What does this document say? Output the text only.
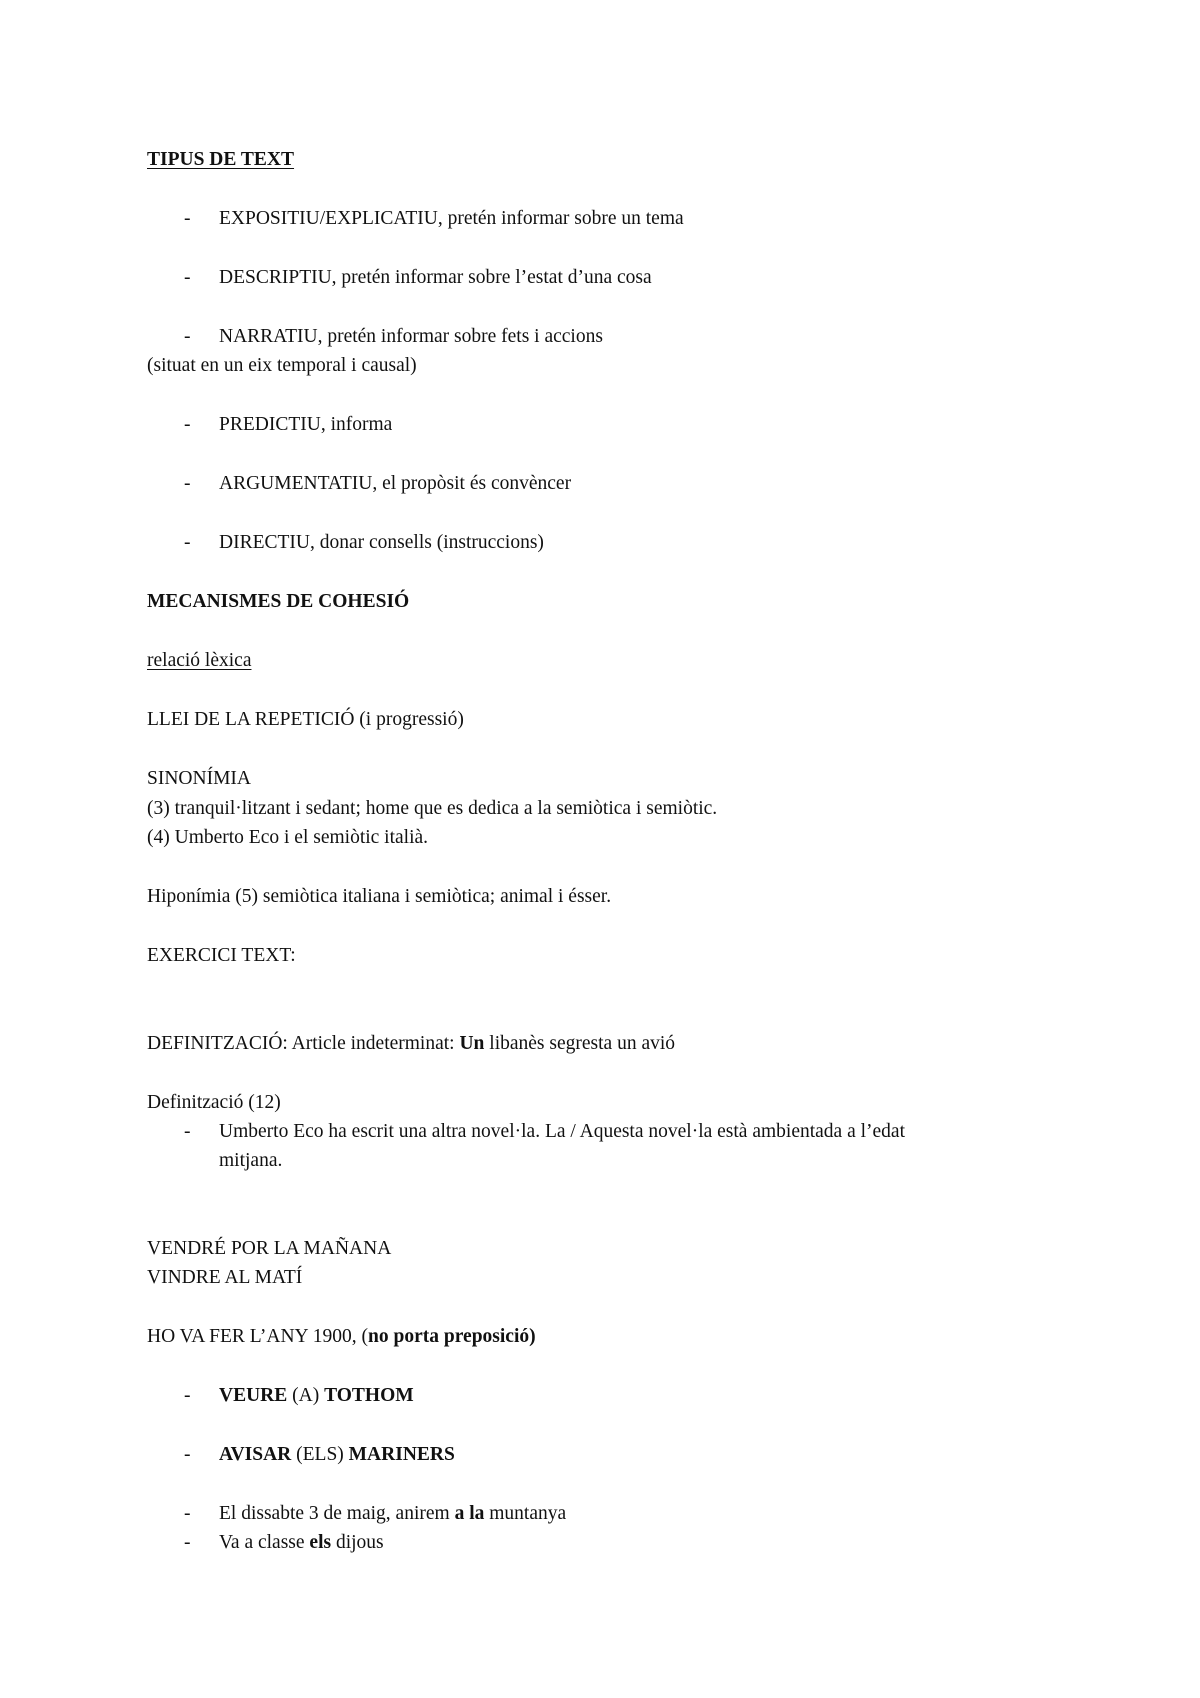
TIPUS DE TEXT
- EXPOSITIU/EXPLICATIU, pretén informar sobre un tema
- DESCRIPTIU, pretén informar sobre l’estat d’una cosa
- NARRATIU, pretén informar sobre fets i accions
(situat en un eix temporal i causal)
- PREDICTIU, informa
- ARGUMENTATIU, el propòsit és convèncer
- DIRECTIU, donar consells (instruccions)
MECANISMES DE COHESIÓ
relació lèxica
LLEI DE LA REPETICIÓ (i progressió)
SINONÍMIA
(3) tranquil·litzant i sedant; home que es dedica a la semiòtica i semiòtic.
(4) Umberto Eco i el semiòtic italià.
Hiponímia (5) semiòtica italiana i semiòtica; animal i ésser.
EXERCICI TEXT:
DEFINITZACIÓ: Article indeterminat: Un libanès segresta un avió
Definització (12)
- Umberto Eco ha escrit una altra novel·la. La / Aquesta novel·la està ambientada a l’edat
mitjana.
VENDRÉ POR LA MAÑANA
VINDRE AL MATÍ
HO VA FER L’ANY 1900, (no porta preposició)
- VEURE (A) TOTHOM
- AVISAR (ELS) MARINERS
- El dissabte 3 de maig, anirem a la muntanya
- Va a classe els dijous
